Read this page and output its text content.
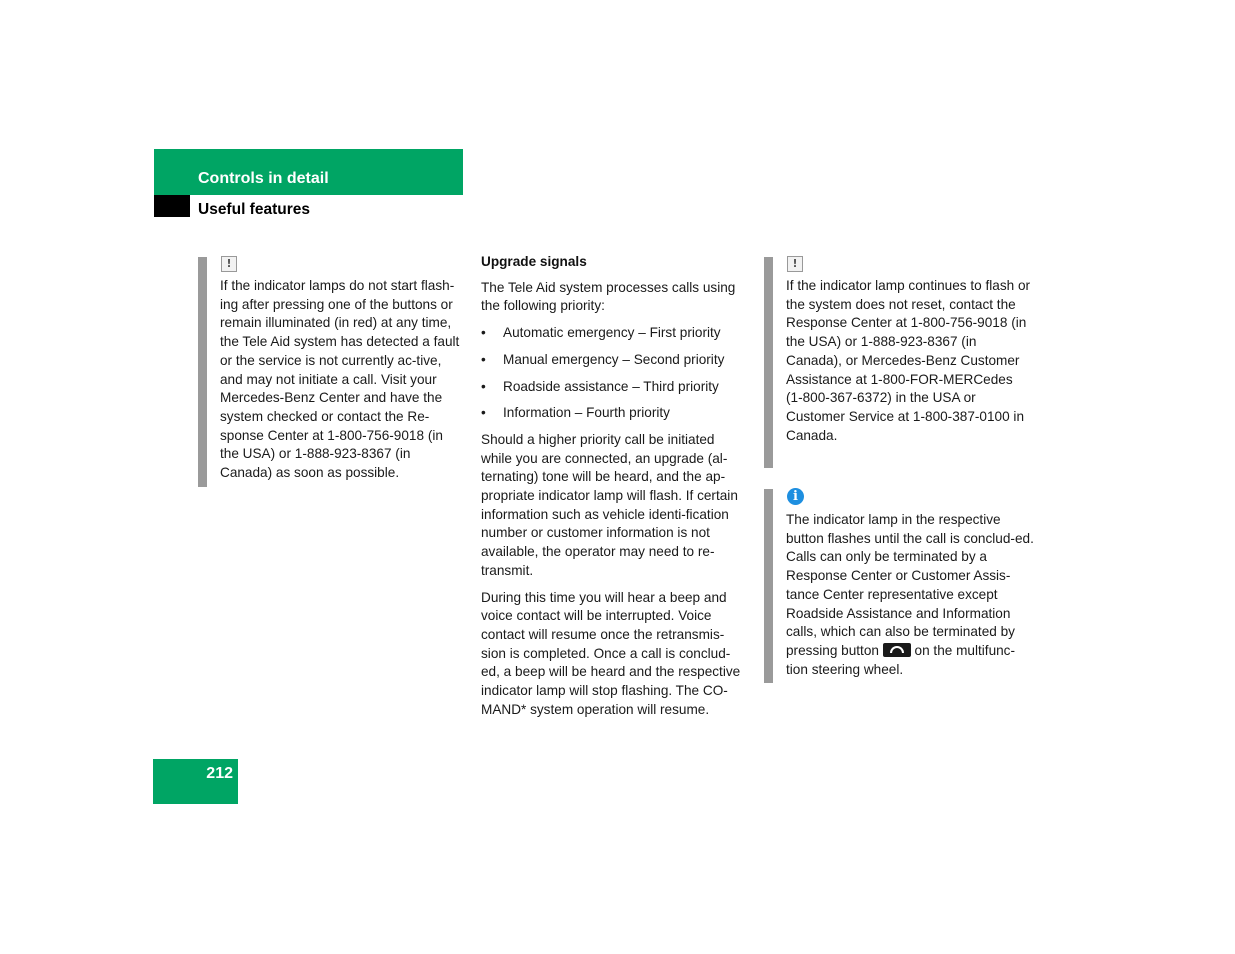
Controls in detail
Useful features
!

If the indicator lamps do not start flash-ing after pressing one of the buttons or remain illuminated (in red) at any time, the Tele Aid system has detected a fault or the service is not currently ac-tive, and may not initiate a call. Visit your Mercedes-Benz Center and have the system checked or contact the Re-sponse Center at 1-800-756-9018 (in the USA) or 1-888-923-8367 (in Canada) as soon as possible.

Upgrade signals

The Tele Aid system processes calls using the following priority:

• Automatic emergency – First priority
• Manual emergency – Second priority
• Roadside assistance – Third priority
• Information – Fourth priority

Should a higher priority call be initiated while you are connected, an upgrade (al-ternating) tone will be heard, and the ap-propriate indicator lamp will flash. If certain information such as vehicle identi-fication number or customer information is not available, the operator may need to re-transmit.

During this time you will hear a beep and voice contact will be interrupted. Voice contact will resume once the retransmis-sion is completed. Once a call is conclud-ed, a beep will be heard and the respective indicator lamp will stop flashing. The CO-MAND* system operation will resume.

!

If the indicator lamp continues to flash or the system does not reset, contact the Response Center at 1-800-756-9018 (in the USA) or 1-888-923-8367 (in Canada), or Mercedes-Benz Customer Assistance at 1-800-FOR-MERCedes (1-800-367-6372) in the USA or Customer Service at 1-800-387-0100 in Canada.

i

The indicator lamp in the respective button flashes until the call is conclud-ed. Calls can only be terminated by a Response Center or Customer Assis-tance Center representative except Roadside Assistance and Information calls, which can also be terminated by pressing button	on the multifunc-tion steering wheel.

212
